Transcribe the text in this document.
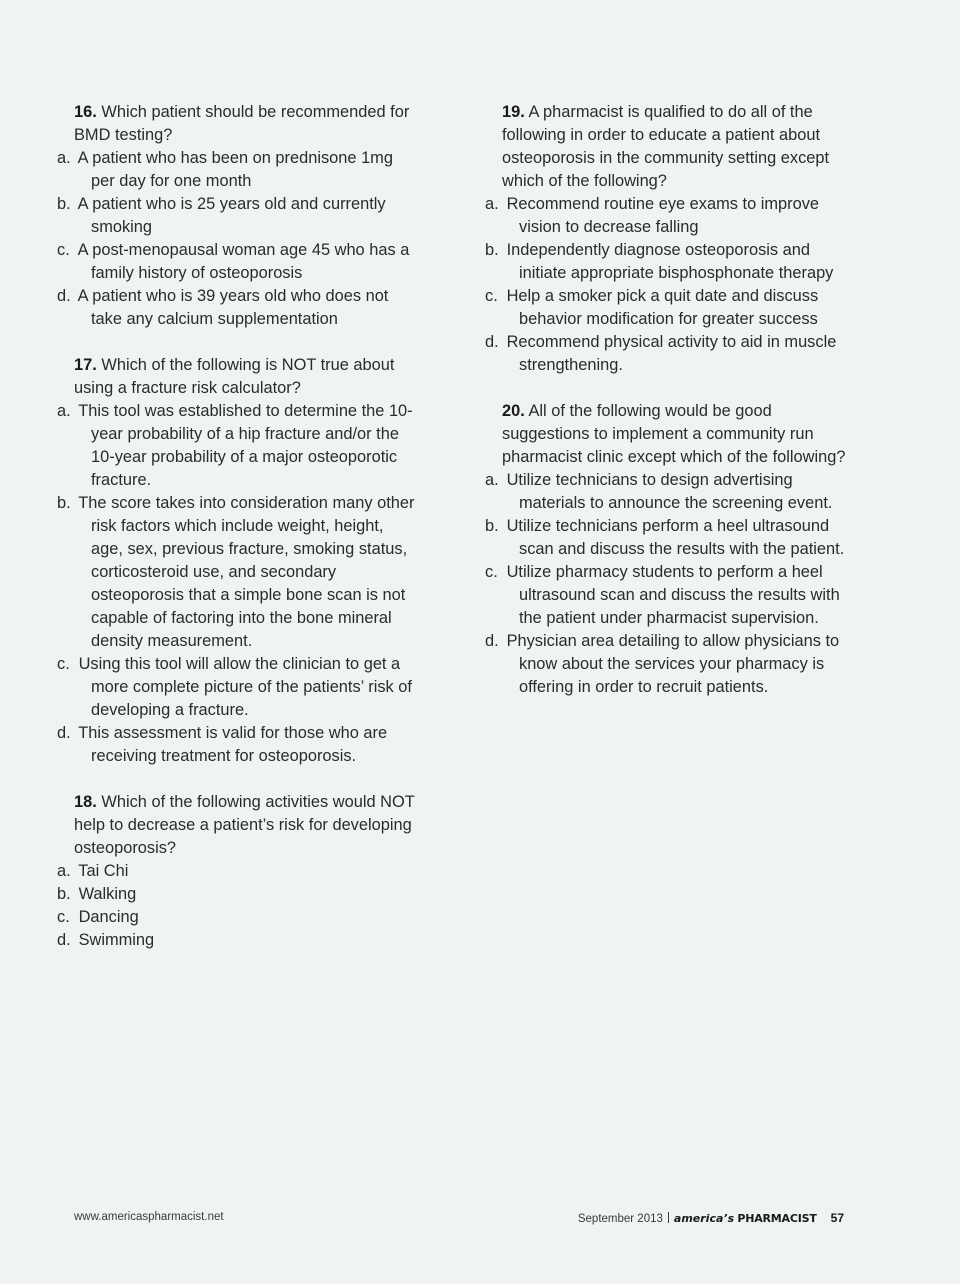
16. Which patient should be recommended for BMD testing?

a. A patient who has been on prednisone 1mg per day for one month
b. A patient who is 25 years old and currently smoking
c. A post-menopausal woman age 45 who has a family history of osteoporosis
d. A patient who is 39 years old who does not take any calcium supplementation

17. Which of the following is NOT true about using a fracture risk calculator?

a. This tool was established to determine the 10-year probability of a hip fracture and/or the 10-year probability of a major osteoporotic fracture.
b. The score takes into consideration many other risk factors which include weight, height, age, sex, previous fracture, smoking status, corticosteroid use, and secondary osteoporosis that a simple bone scan is not capable of factoring into the bone mineral density measurement.
c. Using this tool will allow the clinician to get a more complete picture of the patients’ risk of developing a fracture.
d. This assessment is valid for those who are receiving treatment for osteoporosis.

18. Which of the following activities would NOT help to decrease a patient’s risk for developing osteoporosis?

a. Tai Chi
b. Walking
c. Dancing
d. Swimming

19. A pharmacist is qualified to do all of the following in order to educate a patient about osteoporosis in the community setting except which of the following?

a. Recommend routine eye exams to improve vision to decrease falling
b. Independently diagnose osteoporosis and initiate appropriate bisphosphonate therapy
c. Help a smoker pick a quit date and discuss behavior modification for greater success
d. Recommend physical activity to aid in muscle strengthening.

20. All of the following would be good suggestions to implement a community run pharmacist clinic except which of the following?

a. Utilize technicians to design advertising materials to announce the screening event.
b. Utilize technicians perform a heel ultrasound scan and discuss the results with the patient.
c. Utilize pharmacy students to perform a heel ultrasound scan and discuss the results with the patient under pharmacist supervision.
d. Physician area detailing to allow physicians to know about the services your pharmacy is offering in order to recruit patients.
www.americaspharmacist.net	September 2013 america’s PHARMACIST 57
